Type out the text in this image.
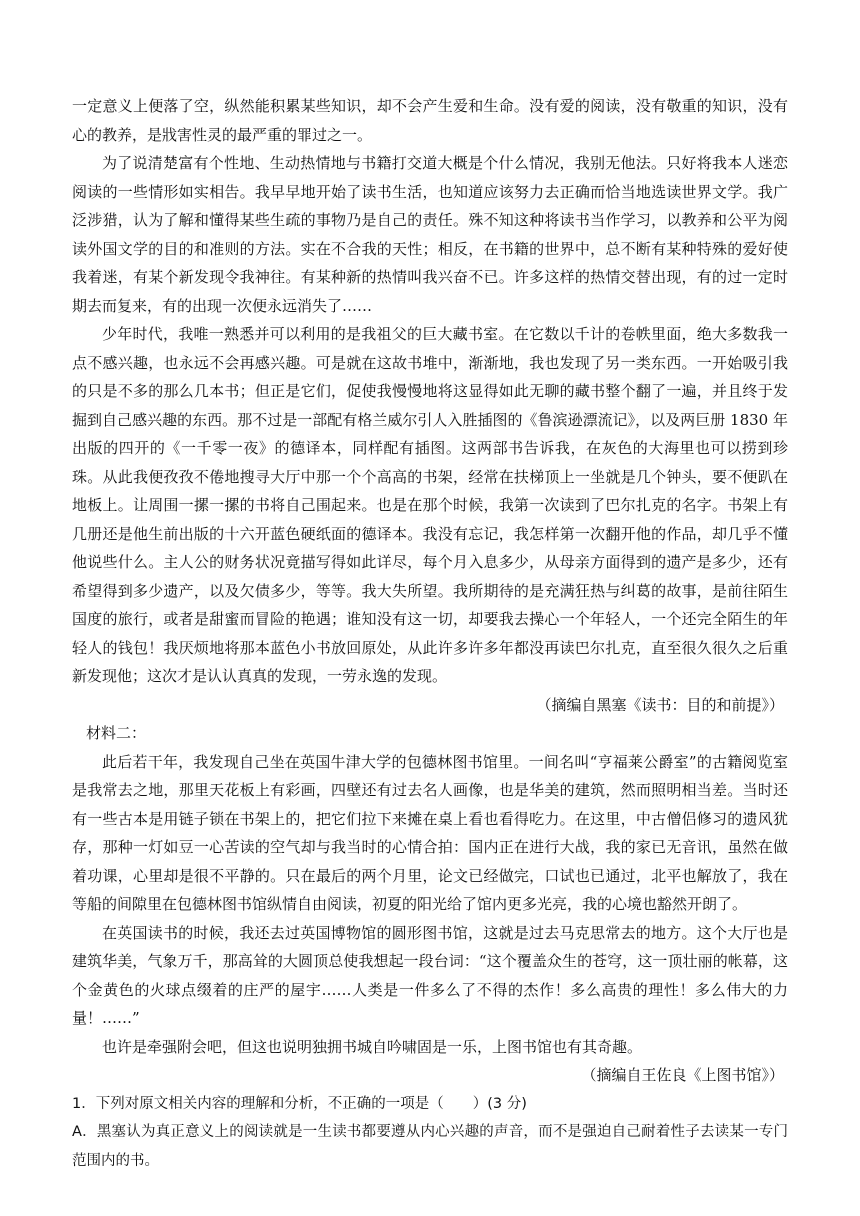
一定意义上便落了空，纵然能积累某些知识，却不会产生爱和生命。没有爱的阅读，没有敬重的知识，没有心的教养，是戕害性灵的最严重的罪过之一。

为了说清楚富有个性地、生动热情地与书籍打交道大概是个什么情况，我别无他法。只好将我本人迷恋阅读的一些情形如实相告。我早早地开始了读书生活，也知道应该努力去正确而恰当地选读世界文学。我广泛涉猎，认为了解和懂得某些生疏的事物乃是自己的责任。殊不知这种将读书当作学习，以教养和公平为阅读外国文学的目的和准则的方法。实在不合我的天性；相反，在书籍的世界中，总不断有某种特殊的爱好使我着迷，有某个新发现令我神往。有某种新的热情叫我兴奋不已。许多这样的热情交替出现，有的过一定时期去而复来，有的出现一次便永远消失了……

少年时代，我唯一熟悉并可以利用的是我祖父的巨大藏书室。在它数以千计的卷帙里面，绝大多数我一点不感兴趣，也永远不会再感兴趣。可是就在这故书堆中，渐渐地，我也发现了另一类东西。一开始吸引我的只是不多的那么几本书；但正是它们，促使我慢慢地将这显得如此无聊的藏书整个翻了一遍，并且终于发掘到自己感兴趣的东西。那不过是一部配有格兰威尔引人入胜插图的《鲁滨逊漂流记》，以及两巨册 1830 年出版的四开的《一千零一夜》的德译本，同样配有插图。这两部书告诉我，在灰色的大海里也可以捞到珍珠。从此我便孜孜不倦地搜寻大厅中那一个个高高的书架，经常在扶梯顶上一坐就是几个钟头，要不便趴在地板上。让周围一摞一摞的书将自己围起来。也是在那个时候，我第一次读到了巴尔扎克的名字。书架上有几册还是他生前出版的十六开蓝色硬纸面的德译本。我没有忘记，我怎样第一次翻开他的作品，却几乎不懂他说些什么。主人公的财务状况竟描写得如此详尽，每个月入息多少，从母亲方面得到的遗产是多少，还有希望得到多少遗产，以及欠债多少，等等。我大失所望。我所期待的是充满狂热与纠葛的故事，是前往陌生国度的旅行，或者是甜蜜而冒险的艳遇；谁知没有这一切，却要我去操心一个年轻人，一个还完全陌生的年轻人的钱包！我厌烦地将那本蓝色小书放回原处，从此许多许多年都没再读巴尔扎克，直至很久很久之后重新发现他；这次才是认认真真的发现，一劳永逸的发现。

（摘编自黑塞《读书：目的和前提》）

材料二：

此后若干年，我发现自己坐在英国牛津大学的包德林图书馆里。一间名叫“亨福莱公爵室”的古籍阅览室是我常去之地，那里天花板上有彩画，四壁还有过去名人画像，也是华美的建筑，然而照明相当差。当时还有一些古本是用链子锁在书架上的，把它们拉下来摊在桌上看也看得吃力。在这里，中古僧侣修习的遗风犹存，那种一灯如豆一心苦读的空气却与我当时的心情合拍：国内正在进行大战，我的家已无音讯，虽然在做着功课，心里却是很不平静的。只在最后的两个月里，论文已经做完，口试也已通过，北平也解放了，我在等船的间隙里在包德林图书馆纵情自由阅读，初夏的阳光给了馆内更多光亮，我的心境也豁然开朗了。

在英国读书的时候，我还去过英国博物馆的圆形图书馆，这就是过去马克思常去的地方。这个大厅也是建筑华美，气象万千，那高耸的大圆顶总使我想起一段台词：“这个覆盖众生的苍穹，这一顶壮丽的帐幕，这个金黄色的火球点缀着的庄严的屋宇……人类是一件多么了不得的杰作！多么高贵的理性！多么伟大的力量！……”

也许是牵强附会吧，但这也说明独拥书城自吟啸固是一乐，上图书馆也有其奇趣。

（摘编自王佐良《上图书馆》）

1．下列对原文相关内容的理解和分析，不正确的一项是（　　）(3 分)

A．黑塞认为真正意义上的阅读就是一生读书都要遵从内心兴趣的声音，而不是强迫自己耐着性子去读某一专门范围内的书。
